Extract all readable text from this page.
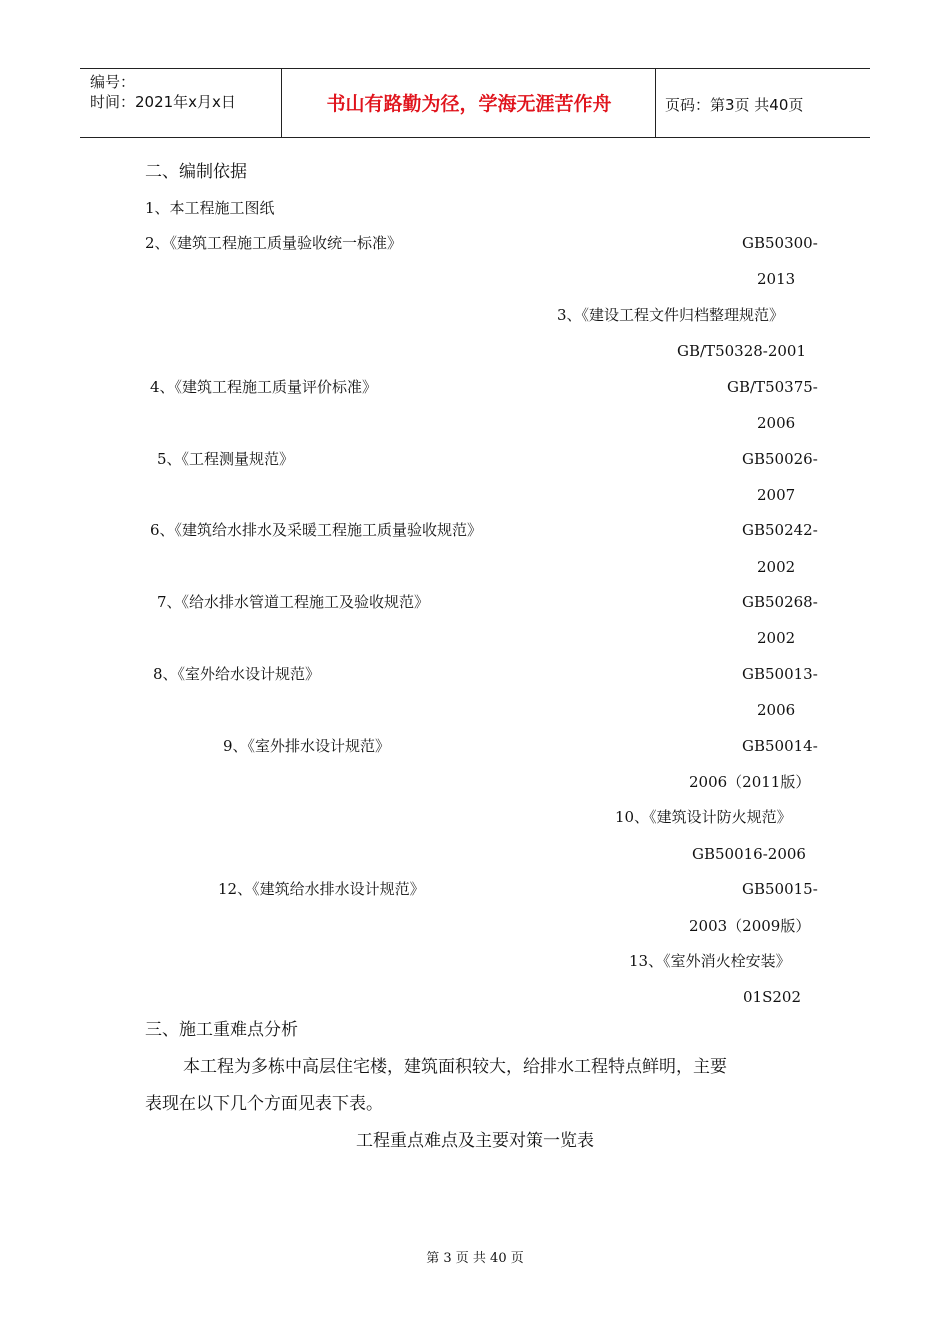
编号：
时间：2021年x月x日	书山有路勤为径，学海无涯苦作舟	页码：第3页 共40页
二、编制依据
1、本工程施工图纸
2、《建筑工程施工质量验收统一标准》	GB50300-
2013
3、《建设工程文件归档整理规范》
GB/T50328-2001
4、《建筑工程施工质量评价标准》	GB/T50375-
2006
5、《工程测量规范》	GB50026-
2007
6、《建筑给水排水及采暖工程施工质量验收规范》	GB50242-
2002
7、《给水排水管道工程施工及验收规范》	GB50268-
2002
8、《室外给水设计规范》	GB50013-
2006
9、《室外排水设计规范》	GB50014-
2006（2011版）
10、《建筑设计防火规范》
GB50016-2006
12、《建筑给水排水设计规范》	GB50015-
2003（2009版）
13、《室外消火栓安装》
01S202
三、施工重难点分析
本工程为多栋中高层住宅楼，建筑面积较大，给排水工程特点鲜明，主要
表现在以下几个方面见表下表。
工程重点难点及主要对策一览表
第 3 页 共 40 页
